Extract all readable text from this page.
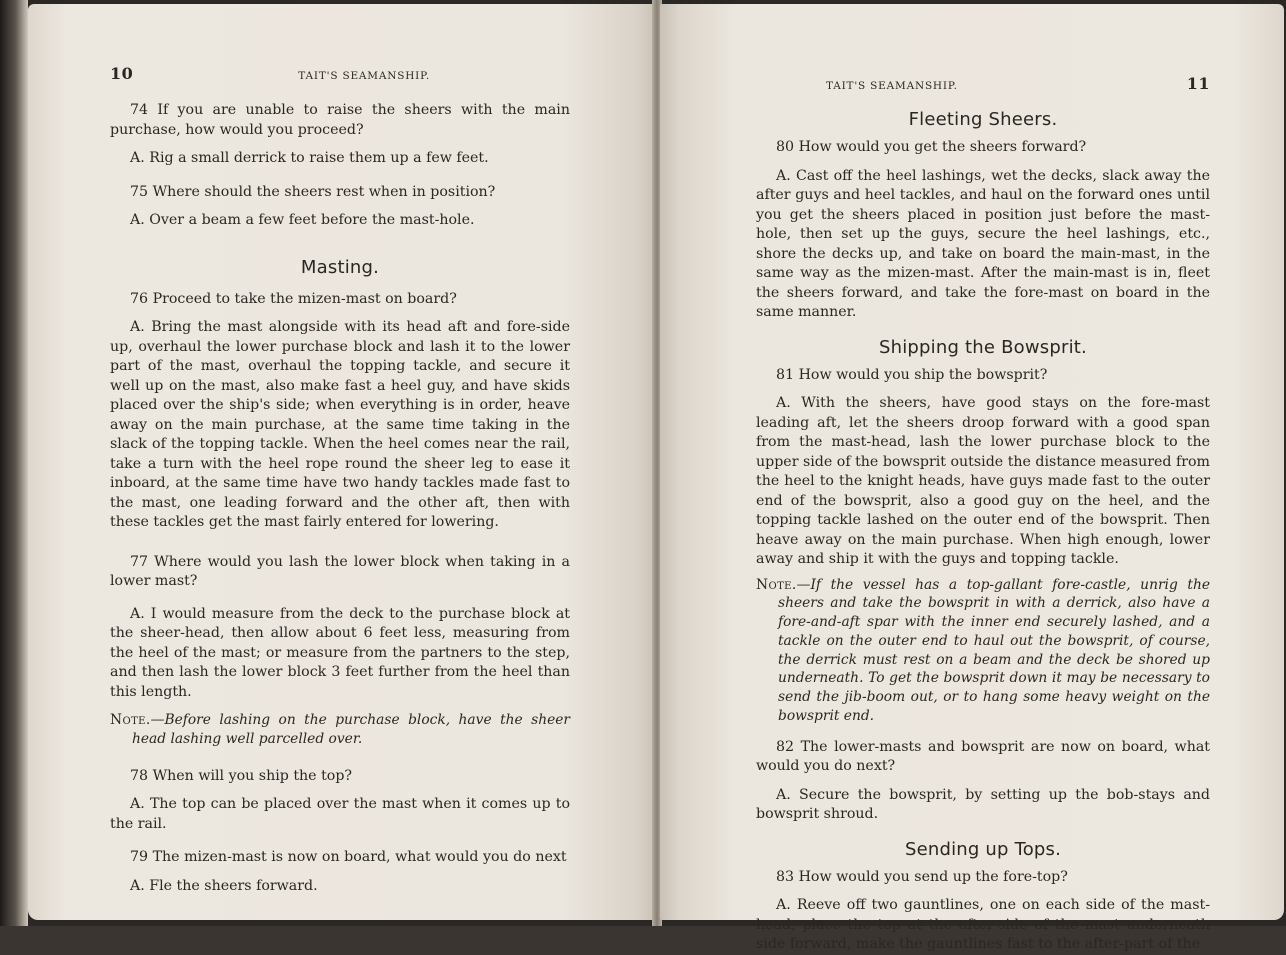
10	TAIT'S SEAMANSHIP.

74 If you are unable to raise the sheers with the main purchase, how would you proceed?

A. Rig a small derrick to raise them up a few feet.

75 Where should the sheers rest when in position?

A. Over a beam a few feet before the mast-hole.

Masting.

76 Proceed to take the mizen-mast on board?

A. Bring the mast alongside with its head aft and fore-side up, overhaul the lower purchase block and lash it to the lower part of the mast, overhaul the topping tackle, and secure it well up on the mast, also make fast a heel guy, and have skids placed over the ship's side; when everything is in order, heave away on the main purchase, at the same time taking in the slack of the topping tackle. When the heel comes near the rail, take a turn with the heel rope round the sheer leg to ease it inboard, at the same time have two handy tackles made fast to the mast, one leading forward and the other aft, then with these tackles get the mast fairly entered for lowering.

77 Where would you lash the lower block when taking in a lower mast?

A. I would measure from the deck to the purchase block at the sheer-head, then allow about 6 feet less, measuring from the heel of the mast; or measure from the partners to the step, and then lash the lower block 3 feet further from the heel than this length.

Note.—Before lashing on the purchase block, have the sheer head lashing well parcelled over.

78 When will you ship the top?

A. The top can be placed over the mast when it comes up to the rail.

79 The mizen-mast is now on board, what would you do next

A. Fle the sheers forward.

TAIT'S SEAMANSHIP.	11
Fleeting Sheers.

80 How would you get the sheers forward?

A. Cast off the heel lashings, wet the decks, slack away the after guys and heel tackles, and haul on the forward ones until you get the sheers placed in position just before the mast-hole, then set up the guys, secure the heel lashings, etc., shore the decks up, and take on board the main-mast, in the same way as the mizen-mast. After the main-mast is in, fleet the sheers forward, and take the fore-mast on board in the same manner.

Shipping the Bowsprit.

81 How would you ship the bowsprit?

A. With the sheers, have good stays on the fore-mast leading aft, let the sheers droop forward with a good span from the mast-head, lash the lower purchase block to the upper side of the bowsprit outside the distance measured from the heel to the knight heads, have guys made fast to the outer end of the bowsprit, also a good guy on the heel, and the topping tackle lashed on the outer end of the bowsprit. Then heave away on the main purchase. When high enough, lower away and ship it with the guys and topping tackle.

Note.—If the vessel has a top-gallant fore-castle, unrig the sheers and take the bowsprit in with a derrick, also have a fore-and-aft spar with the inner end securely lashed, and a tackle on the outer end to haul out the bowsprit, of course, the derrick must rest on a beam and the deck be shored up underneath. To get the bowsprit down it may be necessary to send the jib-boom out, or to hang some heavy weight on the bowsprit end.

82 The lower-masts and bowsprit are now on board, what would you do next?

A. Secure the bowsprit, by setting up the bob-stays and bowsprit shroud.

Sending up Tops.

83 How would you send up the fore-top?

A. Reeve off two gauntlines, one on each side of the mast-head, place the top at the after-side of the mast underneath side forward, make the gauntlines fast to the after-part of the
